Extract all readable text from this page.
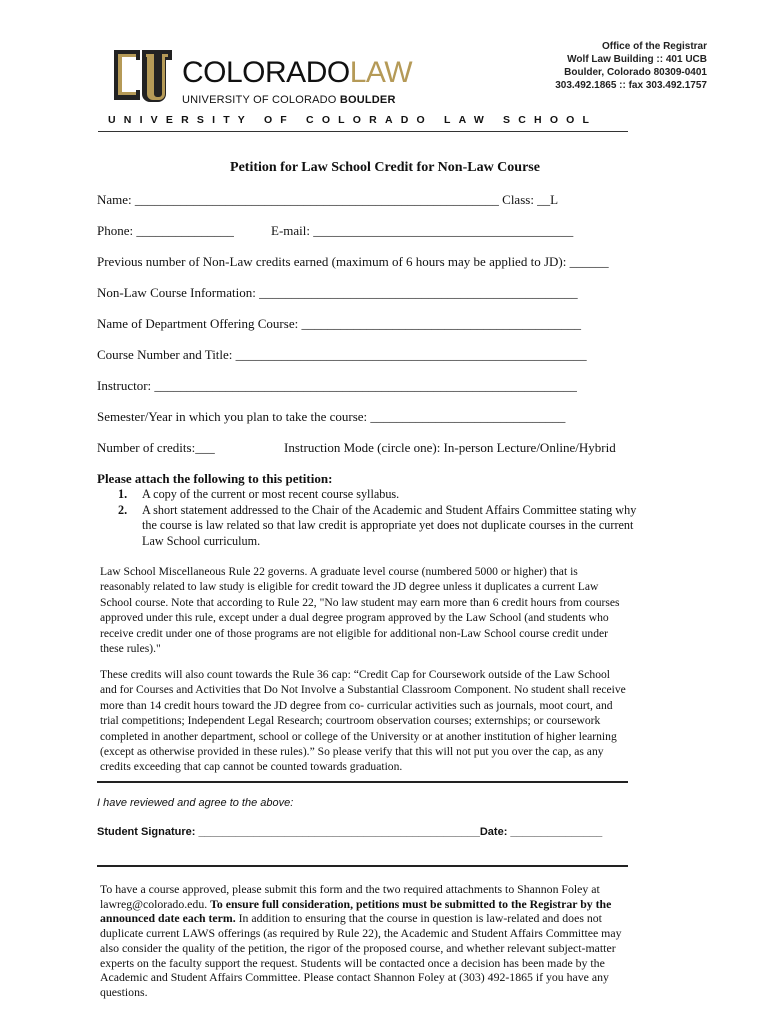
COLORADOLAW
UNIVERSITY OF COLORADO BOULDER
Office of the Registrar
Wolf Law Building :: 401 UCB
Boulder, Colorado 80309-0401
303.492.1865 :: fax 303.492.1757
UNIVERSITY OF COLORADO LAW SCHOOL
Petition for Law School Credit for Non-Law Course
Name: ________________________________________________________ Class: __L
Phone: _______________	E-mail: ________________________________________
Previous number of Non-Law credits earned (maximum of 6 hours may be applied to JD): ______
Non-Law Course Information: _________________________________________________
Name of Department Offering Course: ___________________________________________
Course Number and Title: ______________________________________________________
Instructor: _________________________________________________________________
Semester/Year in which you plan to take the course: ______________________________
Number of credits:___	Instruction Mode (circle one): In-person Lecture/Online/Hybrid
Please attach the following to this petition:
1. A copy of the current or most recent course syllabus.
2. A short statement addressed to the Chair of the Academic and Student Affairs Committee stating why the course is law related so that law credit is appropriate yet does not duplicate courses in the current Law School curriculum.
Law School Miscellaneous Rule 22 governs. A graduate level course (numbered 5000 or higher) that is reasonably related to law study is eligible for credit toward the JD degree unless it duplicates a current Law School course. Note that according to Rule 22, "No law student may earn more than 6 credit hours from courses approved under this rule, except under a dual degree program approved by the Law School (and students who receive credit under one of those programs are not eligible for additional non-Law School course credit under these rules)."
These credits will also count towards the Rule 36 cap: “Credit Cap for Coursework outside of the Law School and for Courses and Activities that Do Not Involve a Substantial Classroom Component. No student shall receive more than 14 credit hours toward the JD degree from co- curricular activities such as journals, moot court, and trial competitions; Independent Legal Research; courtroom observation courses; externships; or coursework completed in another department, school or college of the University or at another institution of higher learning (except as otherwise provided in these rules).” So please verify that this will not put you over the cap, as any credits exceeding that cap cannot be counted towards graduation.
I have reviewed and agree to the above:
Student Signature: ______________________________________________Date: _______________
To have a course approved, please submit this form and the two required attachments to Shannon Foley at lawreg@colorado.edu. To ensure full consideration, petitions must be submitted to the Registrar by the announced date each term. In addition to ensuring that the course in question is law-related and does not duplicate current LAWS offerings (as required by Rule 22), the Academic and Student Affairs Committee may also consider the quality of the petition, the rigor of the proposed course, and whether relevant subject-matter experts on the faculty support the request. Students will be contacted once a decision has been made by the Academic and Student Affairs Committee. Please contact Shannon Foley at (303) 492-1865 if you have any questions.
